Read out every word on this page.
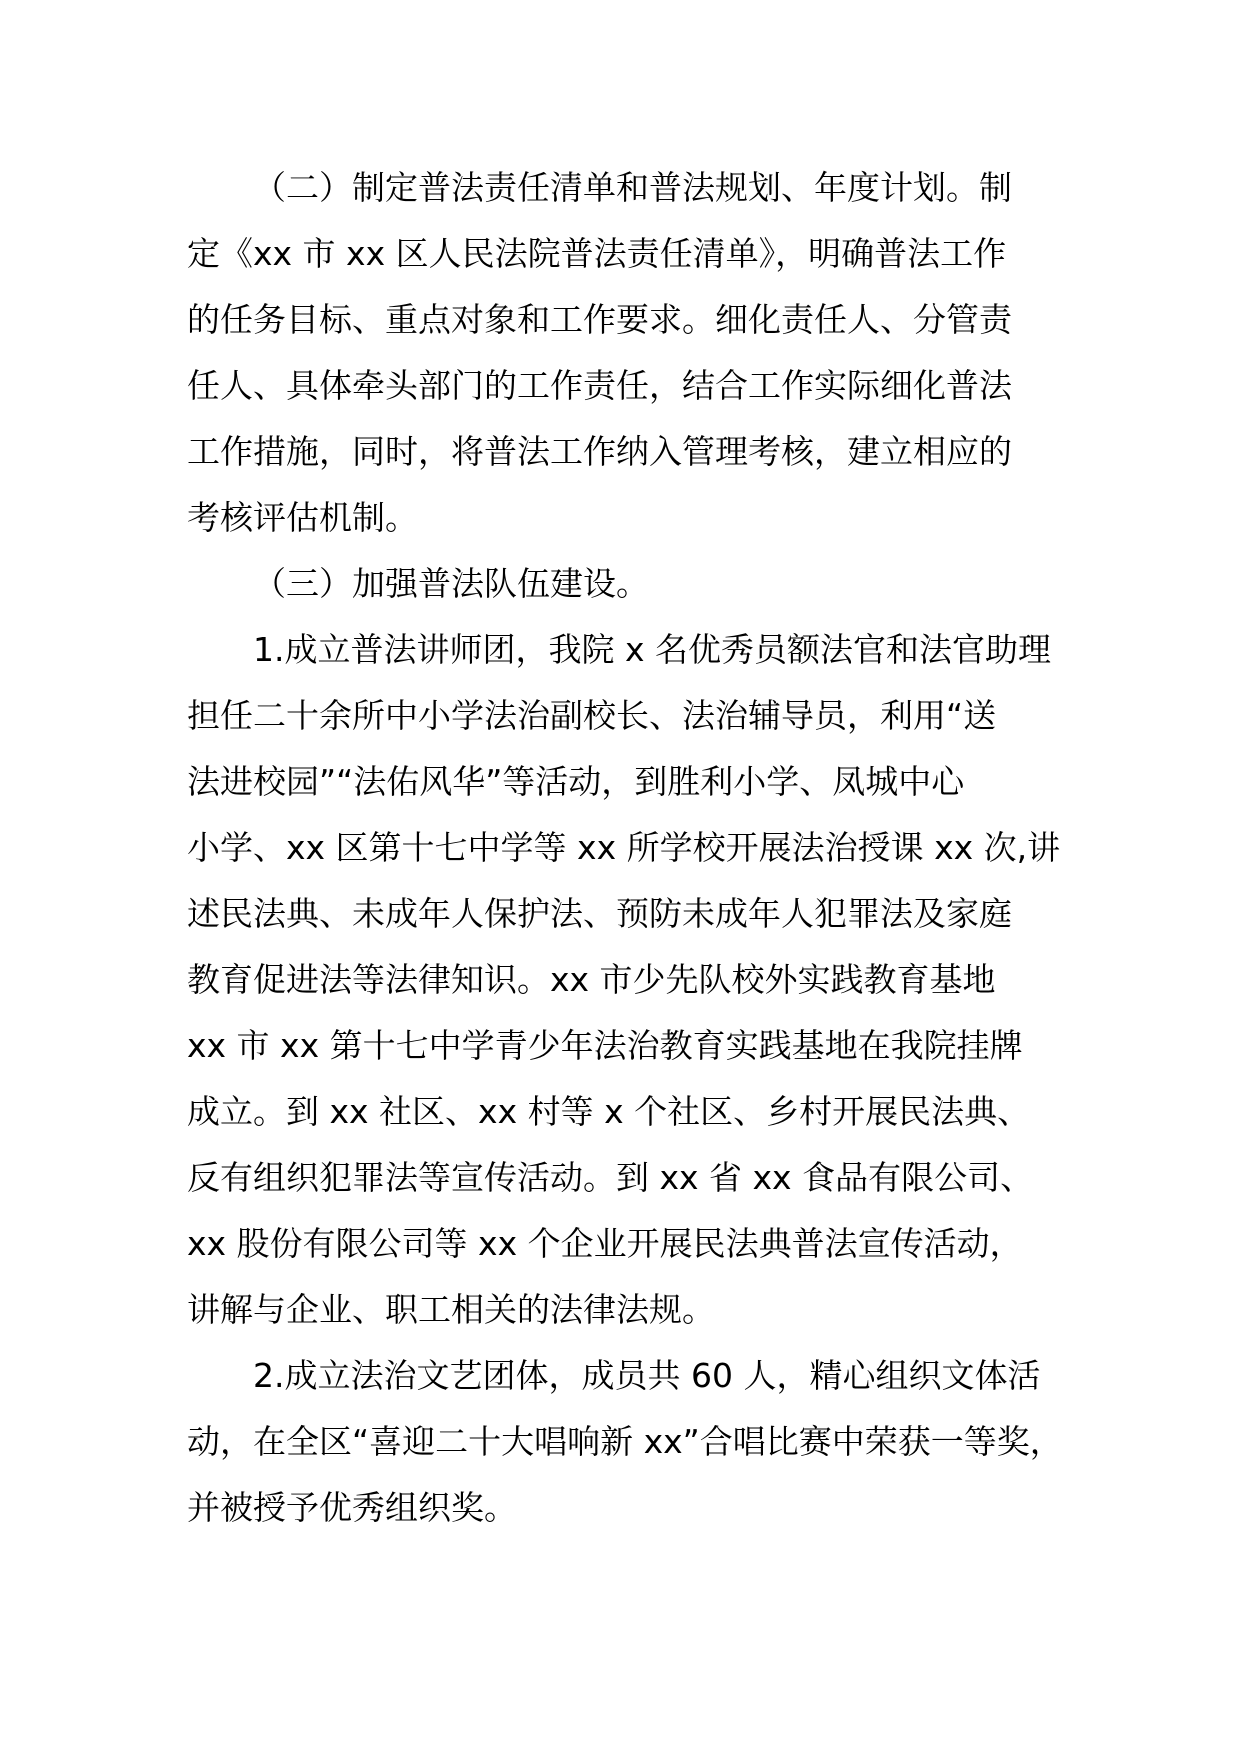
（二）制定普法责任清单和普法规划、年度计划。制
定《xx 市 xx 区人民法院普法责任清单》，明确普法工作
的任务目标、重点对象和工作要求。细化责任人、分管责
任人、具体牵头部门的工作责任，结合工作实际细化普法
工作措施，同时，将普法工作纳入管理考核，建立相应的
考核评估机制。
（三）加强普法队伍建设。
1.成立普法讲师团，我院 x 名优秀员额法官和法官助理
担任二十余所中小学法治副校长、法治辅导员，利用“送
法进校园”“法佑风华”等活动，到胜利小学、凤城中心
小学、xx 区第十七中学等 xx 所学校开展法治授课 xx 次,讲
述民法典、未成年人保护法、预防未成年人犯罪法及家庭
教育促进法等法律知识。xx 市少先队校外实践教育基地
xx 市 xx 第十七中学青少年法治教育实践基地在我院挂牌
成立。到 xx 社区、xx 村等 x 个社区、乡村开展民法典、
反有组织犯罪法等宣传活动。到 xx 省 xx 食品有限公司、
xx 股份有限公司等 xx 个企业开展民法典普法宣传活动，
讲解与企业、职工相关的法律法规。
2.成立法治文艺团体，成员共 60 人，精心组织文体活
动，在全区“喜迎二十大唱响新 xx”合唱比赛中荣获一等奖，
并被授予优秀组织奖。
